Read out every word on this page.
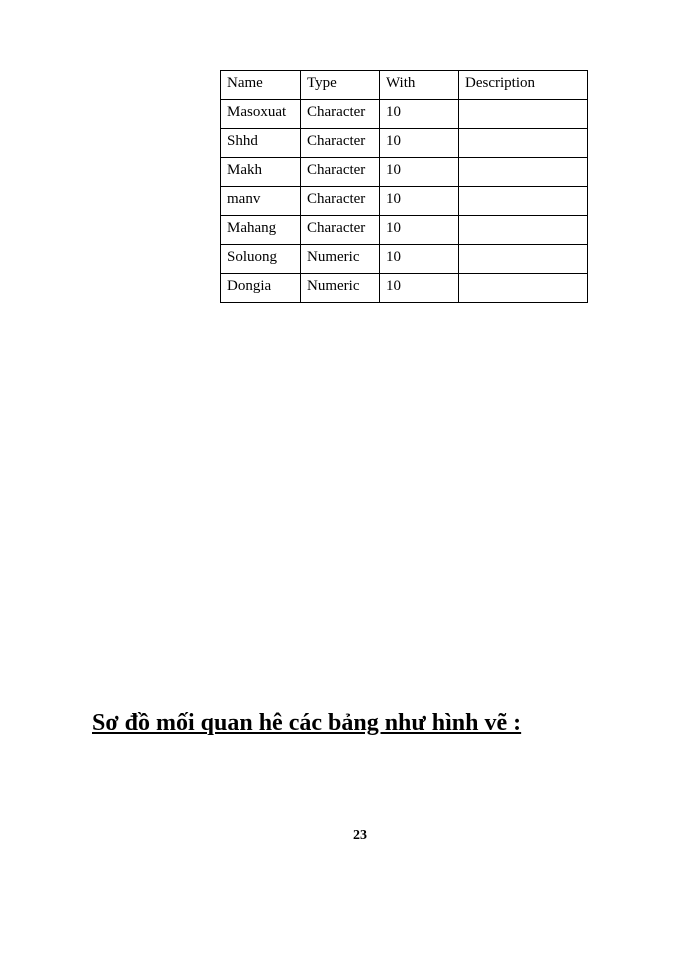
Name	Type	With	Description
Masoxuat	Character	10	
Shhd	Character	10	
Makh	Character	10	
manv	Character	10	
Mahang	Character	10	
Soluong	Numeric	10	
Dongia	Numeric	10	
Sơ đồ mối quan hê các bảng như hình vẽ :
23
